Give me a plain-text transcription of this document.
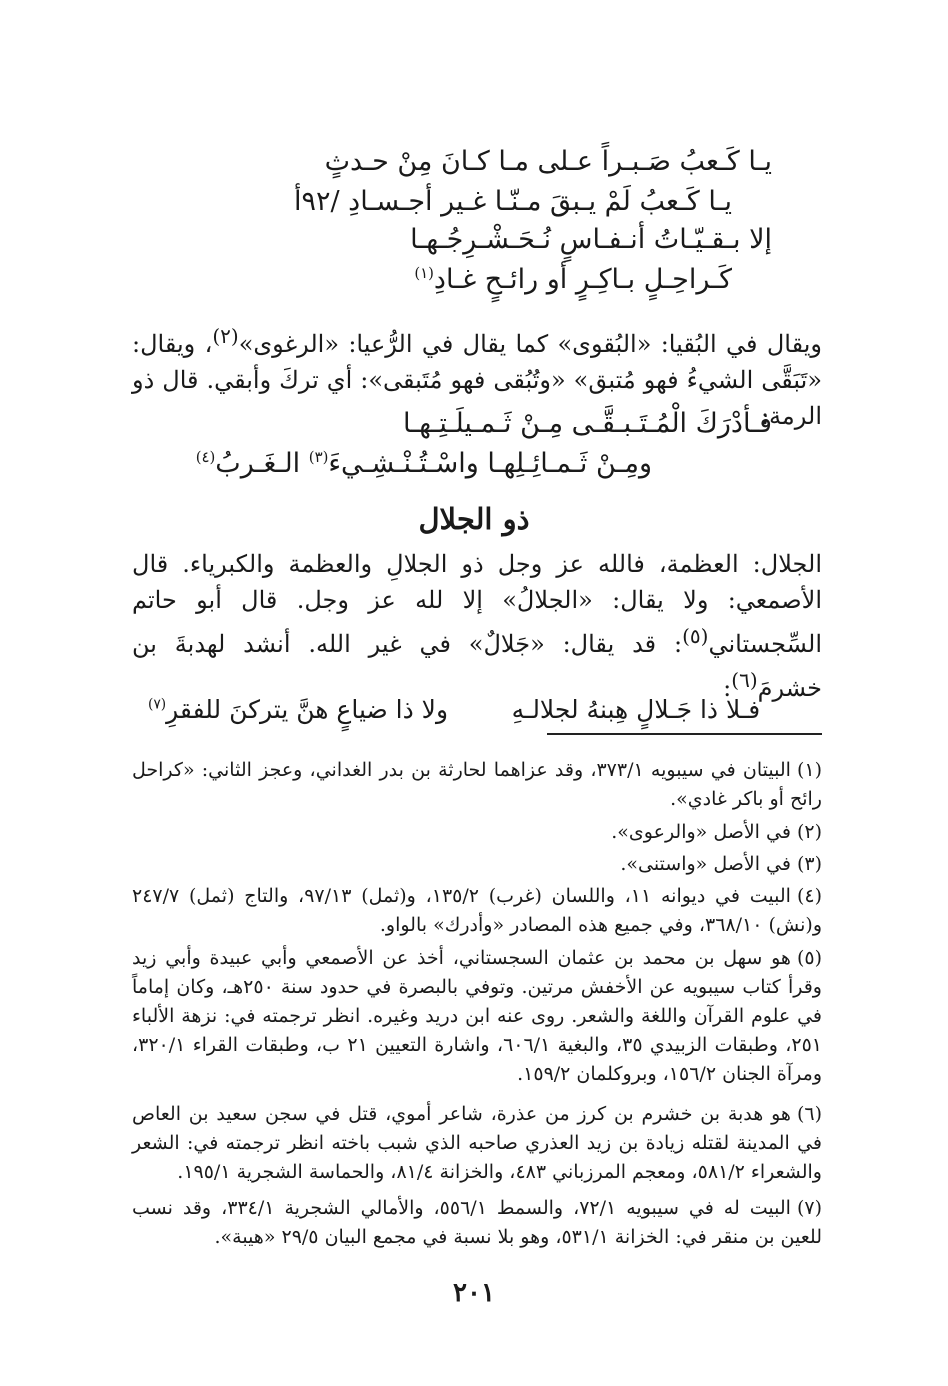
يـا كَـعبُ صَـبـراً عـلى مـا كـانَ مِنْ حـدثٍ
يـا كَـعبُ لَمْ يـبقَ مـنّـا غـير أجـسـادِ /٩٢أ
إلا بـقـيّـاتُ أنـفـاسٍ نُـحَـشْـرِجُـهـا
كَـراحِـلٍ بـاكِـرٍ أو رائـحٍ غـادِ$^{(١)}$
ويقال في البُقيا: «البُقوى» كما يقال في الرُّعيا: «الرغوى»$^{(٢)}$، ويقال: «تَبَقَّى الشيءُ فهو مُتبق» «وتُبُقى فهو مُتَبقى»: أي تركَ وأبقي. قال ذو الرمة:
فـأدْرَكَ الْمُـتَـبـقَّـى مِـنْ ثَـمـيلَـتِـهـا
ومِـنْ ثَـمـائِـلِهـا واسْـتُـنْـشِـيءَ$^{(٣)}$ الـغَـربُ$^{(٤)}$
ذو الجلال
الجلال: العظمة، فالله عز وجل ذو الجلالِ والعظمة والكبرياء. قال الأصمعي: ولا يقال: «الجلالُ» إلا لله عز وجل. قال أبو حاتم السِّجستاني$^{(٥)}$: قد يقال: «جَلالٌ» في غير الله. أنشد لهدبةَ بن خشرمَ$^{(٦)}$:

فـلا ذا جَـلالٍ هِبنهُ لجلالـهِ        ولا ذا ضياعٍ هنَّ يتركنَ للفقرِ$^{(٧)}$

(١)البيتان في سيبويه ٣٧٣/١، وقد عزاهما لحارثة بن بدر الغداني، وعجز الثاني: «كراحل رائح أو باكر غادي».
(٢)في الأصل «والرعوى».
(٣)في الأصل «واستنى».
(٤)البيت في ديوانه ١١، واللسان (غرب) ١٣٥/٢، و(ثمل) ٩٧/١٣، والتاج (ثمل) ٢٤٧/٧ و(نش) ٣٦٨/١٠، وفي جميع هذه المصادر «وأدرك» بالواو.
(٥)هو سهل بن محمد بن عثمان السجستاني، أخذ عن الأصمعي وأبي عبيدة وأبي زيد وقرأ كتاب سيبويه عن الأخفش مرتين. وتوفي بالبصرة في حدود سنة ٢٥٠هـ، وكان إماماً في علوم القرآن واللغة والشعر. روى عنه ابن دريد وغيره. انظر ترجمته في: نزهة الألباء ٢٥١، وطبقات الزبيدي ٣٥، والبغية ٦٠٦/١، واشارة التعيين ٢١ ب، وطبقات القراء ٣٢٠/١، ومرآة الجنان ١٥٦/٢، وبروكلمان ١٥٩/٢.
(٦)هو هدبة بن خشرم بن كرز من عذرة، شاعر أموي، قتل في سجن سعيد بن العاص في المدينة لقتله زيادة بن زيد العذري صاحبه الذي شبب باخته انظر ترجمته في: الشعر والشعراء ٥٨١/٢، ومعجم المرزباني ٤٨٣، والخزانة ٨١/٤، والحماسة الشجرية ١٩٥/١.
(٧)البيت له في سيبويه ٧٢/١، والسمط ٥٥٦/١، والأمالي الشجرية ٣٣٤/١، وقد نسب للعين بن منقر في: الخزانة ٥٣١/١، وهو بلا نسبة في مجمع البيان ٢٩/٥ «هيبة».
٢٠١
